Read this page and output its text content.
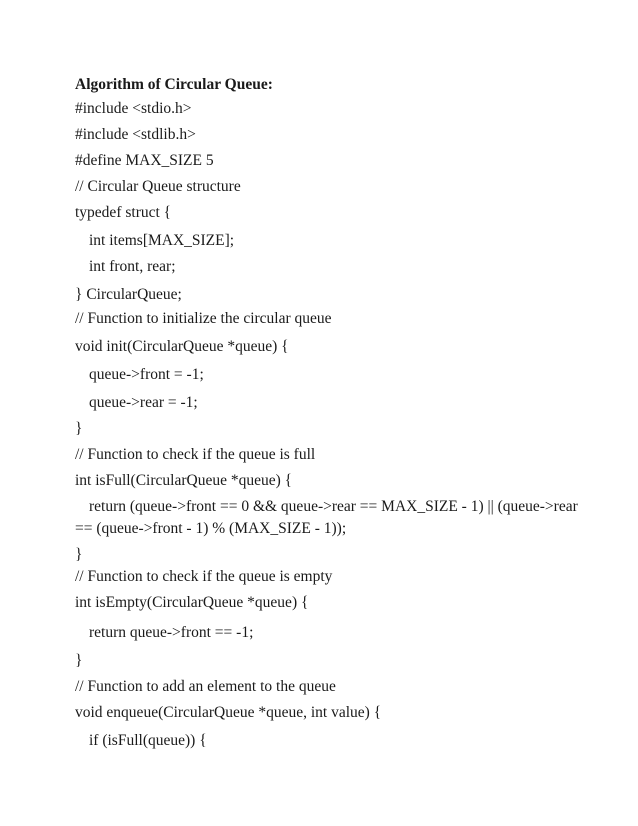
Algorithm of Circular Queue:
#include <stdio.h>
#include <stdlib.h>
#define MAX_SIZE 5
// Circular Queue structure
typedef struct {
int items[MAX_SIZE];
int front, rear;
} CircularQueue;
// Function to initialize the circular queue
void init(CircularQueue *queue) {
queue->front = -1;
queue->rear = -1;
}
// Function to check if the queue is full
int isFull(CircularQueue *queue) {
return (queue->front == 0 && queue->rear == MAX_SIZE - 1) || (queue->rear
== (queue->front - 1) % (MAX_SIZE - 1));
}
// Function to check if the queue is empty
int isEmpty(CircularQueue *queue) {
return queue->front == -1;
}
// Function to add an element to the queue
void enqueue(CircularQueue *queue, int value) {
if (isFull(queue)) {
